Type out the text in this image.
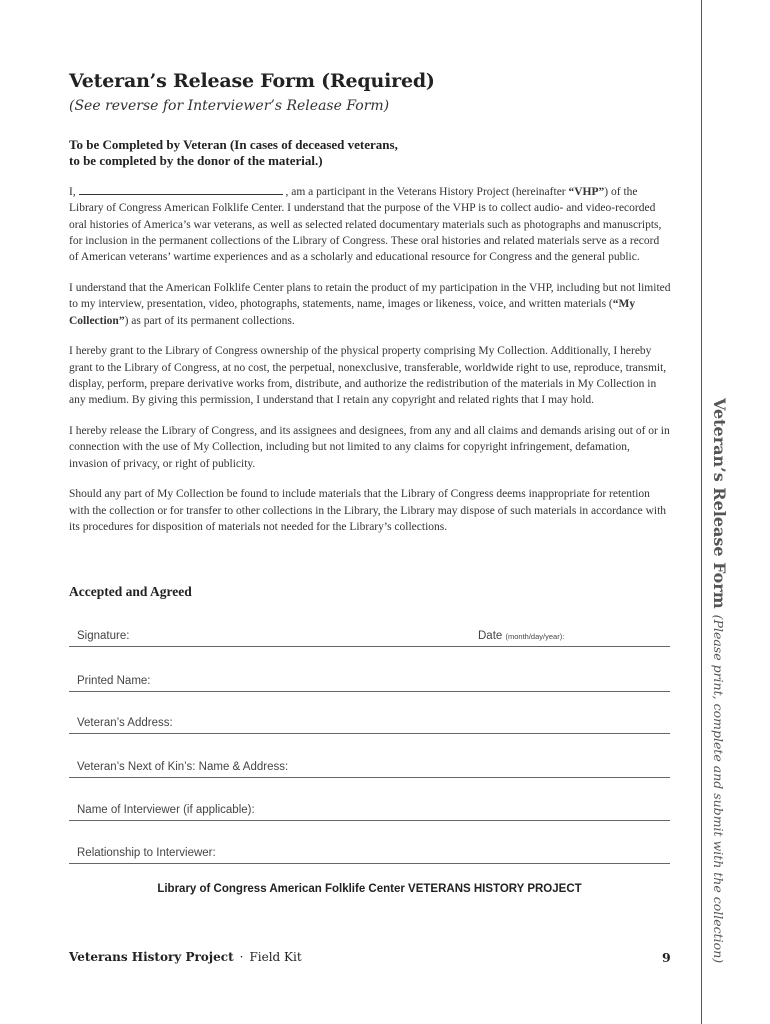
Veteran’s Release Form (Required)

(See reverse for Interviewer’s Release Form)

To be Completed by Veteran (In cases of deceased veterans,
to be completed by the donor of the material.)

I,	, am a participant in the Veterans History Project (hereinafter “VHP”) of the Library of Congress American Folklife Center. I understand that the purpose of the VHP is to collect audio- and video-recorded oral histories of America’s war veterans, as well as selected related documentary materials such as photographs and manuscripts, for inclusion in the permanent collections of the Library of Congress. These oral histories and related materials serve as a record of American veterans’ wartime experiences and as a scholarly and educational resource for Congress and the general public.

I understand that the American Folklife Center plans to retain the product of my participation in the VHP, including but not limited to my interview, presentation, video, photographs, statements, name, images or likeness, voice, and written materials (“My Collection”) as part of its permanent collections.

I hereby grant to the Library of Congress ownership of the physical property comprising My Collection. Additionally, I hereby grant to the Library of Congress, at no cost, the perpetual, nonexclusive, transferable, worldwide right to use, reproduce, transmit, display, perform, prepare derivative works from, distribute, and authorize the redistribution of the materials in My Collection in any medium. By giving this permission, I understand that I retain any copyright and related rights that I may hold.

I hereby release the Library of Congress, and its assignees and designees, from any and all claims and demands arising out of or in connection with the use of My Collection, including but not limited to any claims for copyright infringement, defamation, invasion of privacy, or right of publicity.

Should any part of My Collection be found to include materials that the Library of Congress deems inappropriate for retention with the collection or for transfer to other collections in the Library, the Library may dispose of such materials in accordance with its procedures for disposition of materials not needed for the Library’s collections.

Accepted and Agreed
Signature:	Date (month/day/year):
Printed Name:
Veteran’s Address:
Veteran’s Next of Kin’s: Name & Address:
Name of Interviewer (if applicable):
Relationship to Interviewer:
Library of Congress American Folklife Center VETERANS HISTORY PROJECT
Veterans History Project · Field Kit	9
Veteran’s Release Form(Please print, complete and submit with the collection)
